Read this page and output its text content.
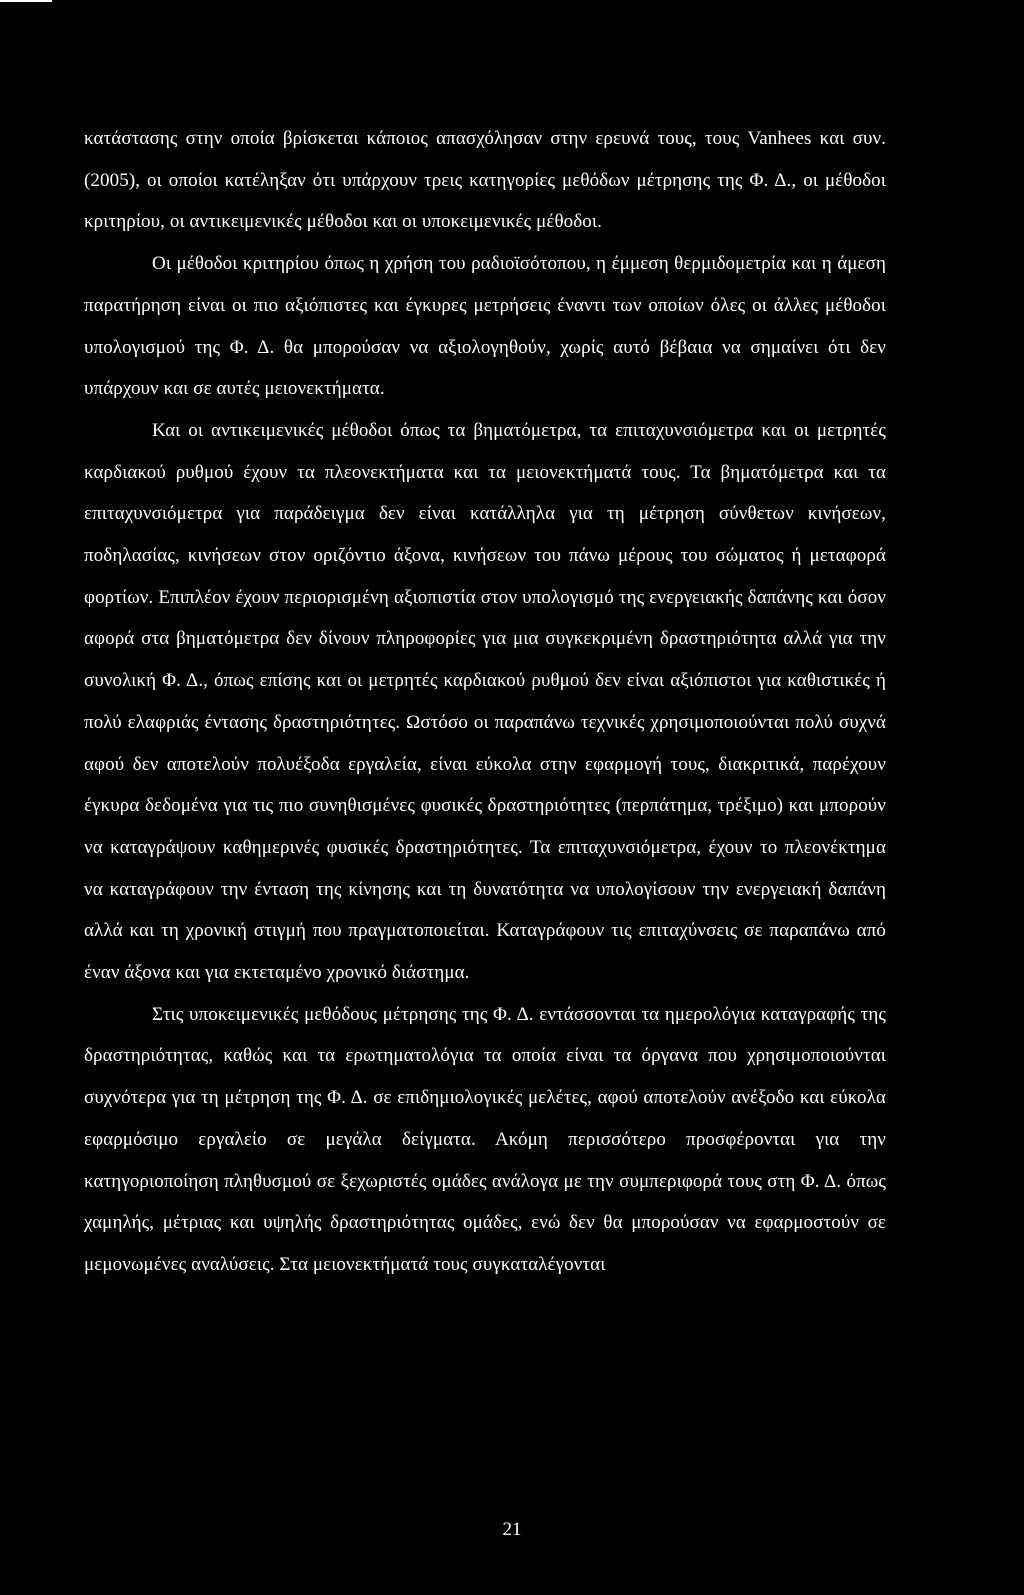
κατάστασης στην οποία βρίσκεται κάποιος απασχόλησαν στην ερευνά τους, τους Vanhees και συν. (2005), οι οποίοι κατέληξαν ότι υπάρχουν τρεις κατηγορίες μεθόδων μέτρησης της Φ. Δ., οι μέθοδοι κριτηρίου, οι αντικειμενικές μέθοδοι και οι υποκειμενικές μέθοδοι.

Οι μέθοδοι κριτηρίου όπως η χρήση του ραδιοϊσότοπου, η έμμεση θερμιδομετρία και η άμεση παρατήρηση είναι οι πιο αξιόπιστες και έγκυρες μετρήσεις έναντι των οποίων όλες οι άλλες μέθοδοι υπολογισμού της Φ. Δ. θα μπορούσαν να αξιολογηθούν, χωρίς αυτό βέβαια να σημαίνει ότι δεν υπάρχουν και σε αυτές μειονεκτήματα.

Και οι αντικειμενικές μέθοδοι όπως τα βηματόμετρα, τα επιταχυνσιόμετρα και οι μετρητές καρδιακού ρυθμού έχουν τα πλεονεκτήματα και τα μειονεκτήματά τους. Τα βηματόμετρα και τα επιταχυνσιόμετρα για παράδειγμα δεν είναι κατάλληλα για τη μέτρηση σύνθετων κινήσεων, ποδηλασίας, κινήσεων στον οριζόντιο άξονα, κινήσεων του πάνω μέρους του σώματος ή μεταφορά φορτίων. Επιπλέον έχουν περιορισμένη αξιοπιστία στον υπολογισμό της ενεργειακής δαπάνης και όσον αφορά στα βηματόμετρα δεν δίνουν πληροφορίες για μια συγκεκριμένη δραστηριότητα αλλά για την συνολική Φ. Δ., όπως επίσης και οι μετρητές καρδιακού ρυθμού δεν είναι αξιόπιστοι για καθιστικές ή πολύ ελαφριάς έντασης δραστηριότητες. Ωστόσο οι παραπάνω τεχνικές χρησιμοποιούνται πολύ συχνά αφού δεν αποτελούν πολυέξοδα εργαλεία, είναι εύκολα στην εφαρμογή τους, διακριτικά, παρέχουν έγκυρα δεδομένα για τις πιο συνηθισμένες φυσικές δραστηριότητες (περπάτημα, τρέξιμο) και μπορούν να καταγράψουν καθημερινές φυσικές δραστηριότητες. Τα επιταχυνσιόμετρα, έχουν το πλεονέκτημα να καταγράφουν την ένταση της κίνησης και τη δυνατότητα να υπολογίσουν την ενεργειακή δαπάνη αλλά και τη χρονική στιγμή που πραγματοποιείται. Καταγράφουν τις επιταχύνσεις σε παραπάνω από έναν άξονα και για εκτεταμένο χρονικό διάστημα.

Στις υποκειμενικές μεθόδους μέτρησης της Φ. Δ. εντάσσονται τα ημερολόγια καταγραφής της δραστηριότητας, καθώς και τα ερωτηματολόγια τα οποία είναι τα όργανα που χρησιμοποιούνται συχνότερα για τη μέτρηση της Φ. Δ. σε επιδημιολογικές μελέτες, αφού αποτελούν ανέξοδο και εύκολα εφαρμόσιμο εργαλείο σε μεγάλα δείγματα. Ακόμη περισσότερο προσφέρονται για την κατηγοριοποίηση πληθυσμού σε ξεχωριστές ομάδες ανάλογα με την συμπεριφορά τους στη Φ. Δ. όπως χαμηλής, μέτριας και υψηλής δραστηριότητας ομάδες, ενώ δεν θα μπορούσαν να εφαρμοστούν σε μεμονωμένες αναλύσεις. Στα μειονεκτήματά τους συγκαταλέγονται

21
